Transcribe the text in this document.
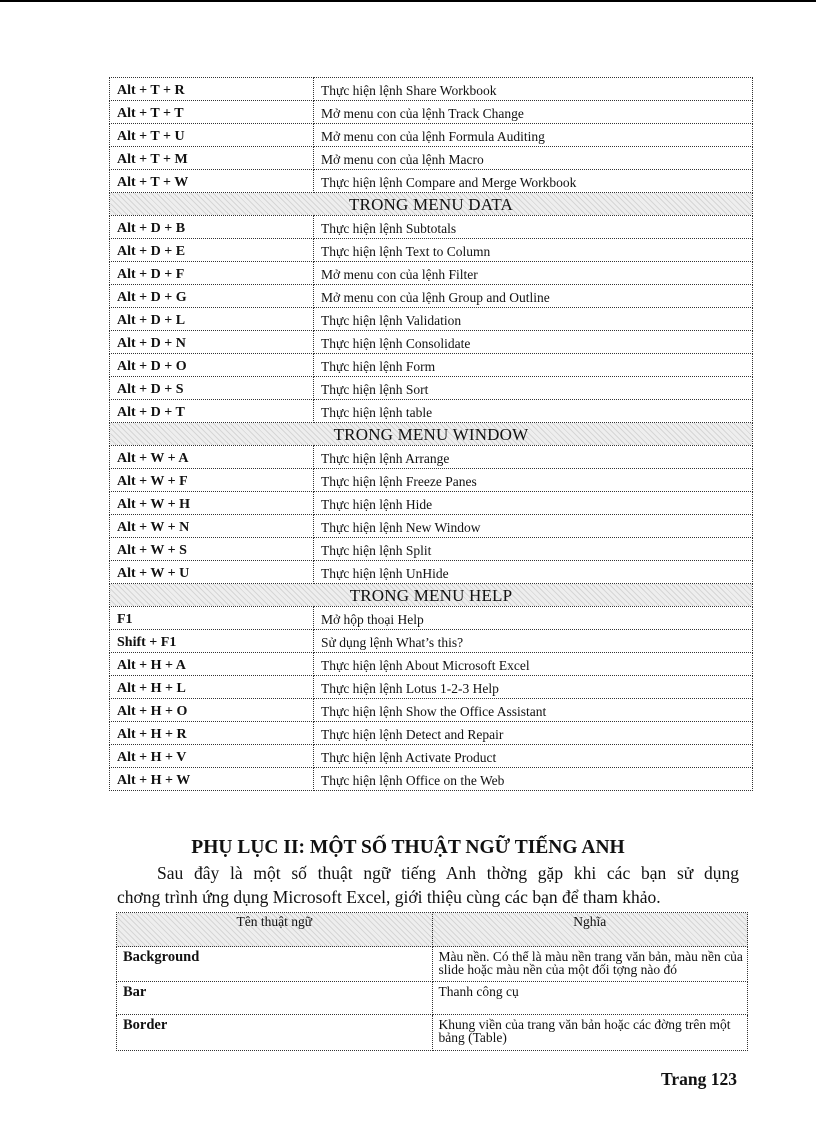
Alt + T + R	Thực hiện lệnh Share Workbook
Alt + T + T	Mở menu con của lệnh Track Change
Alt + T + U	Mở menu con của lệnh Formula Auditing
Alt + T + M	Mở menu con của lệnh Macro
Alt + T + W	Thực hiện lệnh Compare and Merge Workbook
TRONG MENU DATA	
Alt + D + B	Thực hiện lệnh Subtotals
Alt + D + E	Thực hiện lệnh Text to Column
Alt + D + F	Mở menu con của lệnh Filter
Alt + D + G	Mở menu con của lệnh Group and Outline
Alt + D + L	Thực hiện lệnh Validation
Alt + D + N	Thực hiện lệnh Consolidate
Alt + D + O	Thực hiện lệnh Form
Alt + D + S	Thực hiện lệnh Sort
Alt + D + T	Thực hiện lệnh table
TRONG MENU WINDOW	
Alt + W + A	Thực hiện lệnh Arrange
Alt + W + F	Thực hiện lệnh Freeze Panes
Alt + W + H	Thực hiện lệnh Hide
Alt + W + N	Thực hiện lệnh New Window
Alt + W + S	Thực hiện lệnh Split
Alt + W + U	Thực hiện lệnh UnHide
TRONG MENU HELP	
F1	Mở hộp thoại Help
Shift + F1	Sử dụng lệnh What’s this?
Alt + H + A	Thực hiện lệnh About Microsoft Excel
Alt + H + L	Thực hiện lệnh Lotus 1-2-3 Help
Alt + H + O	Thực hiện lệnh Show the Office Assistant
Alt + H + R	Thực hiện lệnh Detect and Repair
Alt + H + V	Thực hiện lệnh Activate Product
Alt + H + W	Thực hiện lệnh Office on the Web
PHỤ LỤC II: MỘT SỐ THUẬT NGỮ TIẾNG ANH

Sau đây là một số thuật ngữ tiếng Anh thờng gặp khi các bạn sử dụng
chơng trình ứng dụng Microsoft Excel, giới thiệu cùng các bạn để tham khảo.

Tên thuật ngữ	Nghĩa
Background	Màu nền. Có thể là màu nền trang văn bản, màu nền của slide hoặc màu nền của một đối tợng nào đó
Bar	Thanh công cụ
Border	Khung viền của trang văn bản hoặc các đờng trên một bảng (Table)
Trang 123
